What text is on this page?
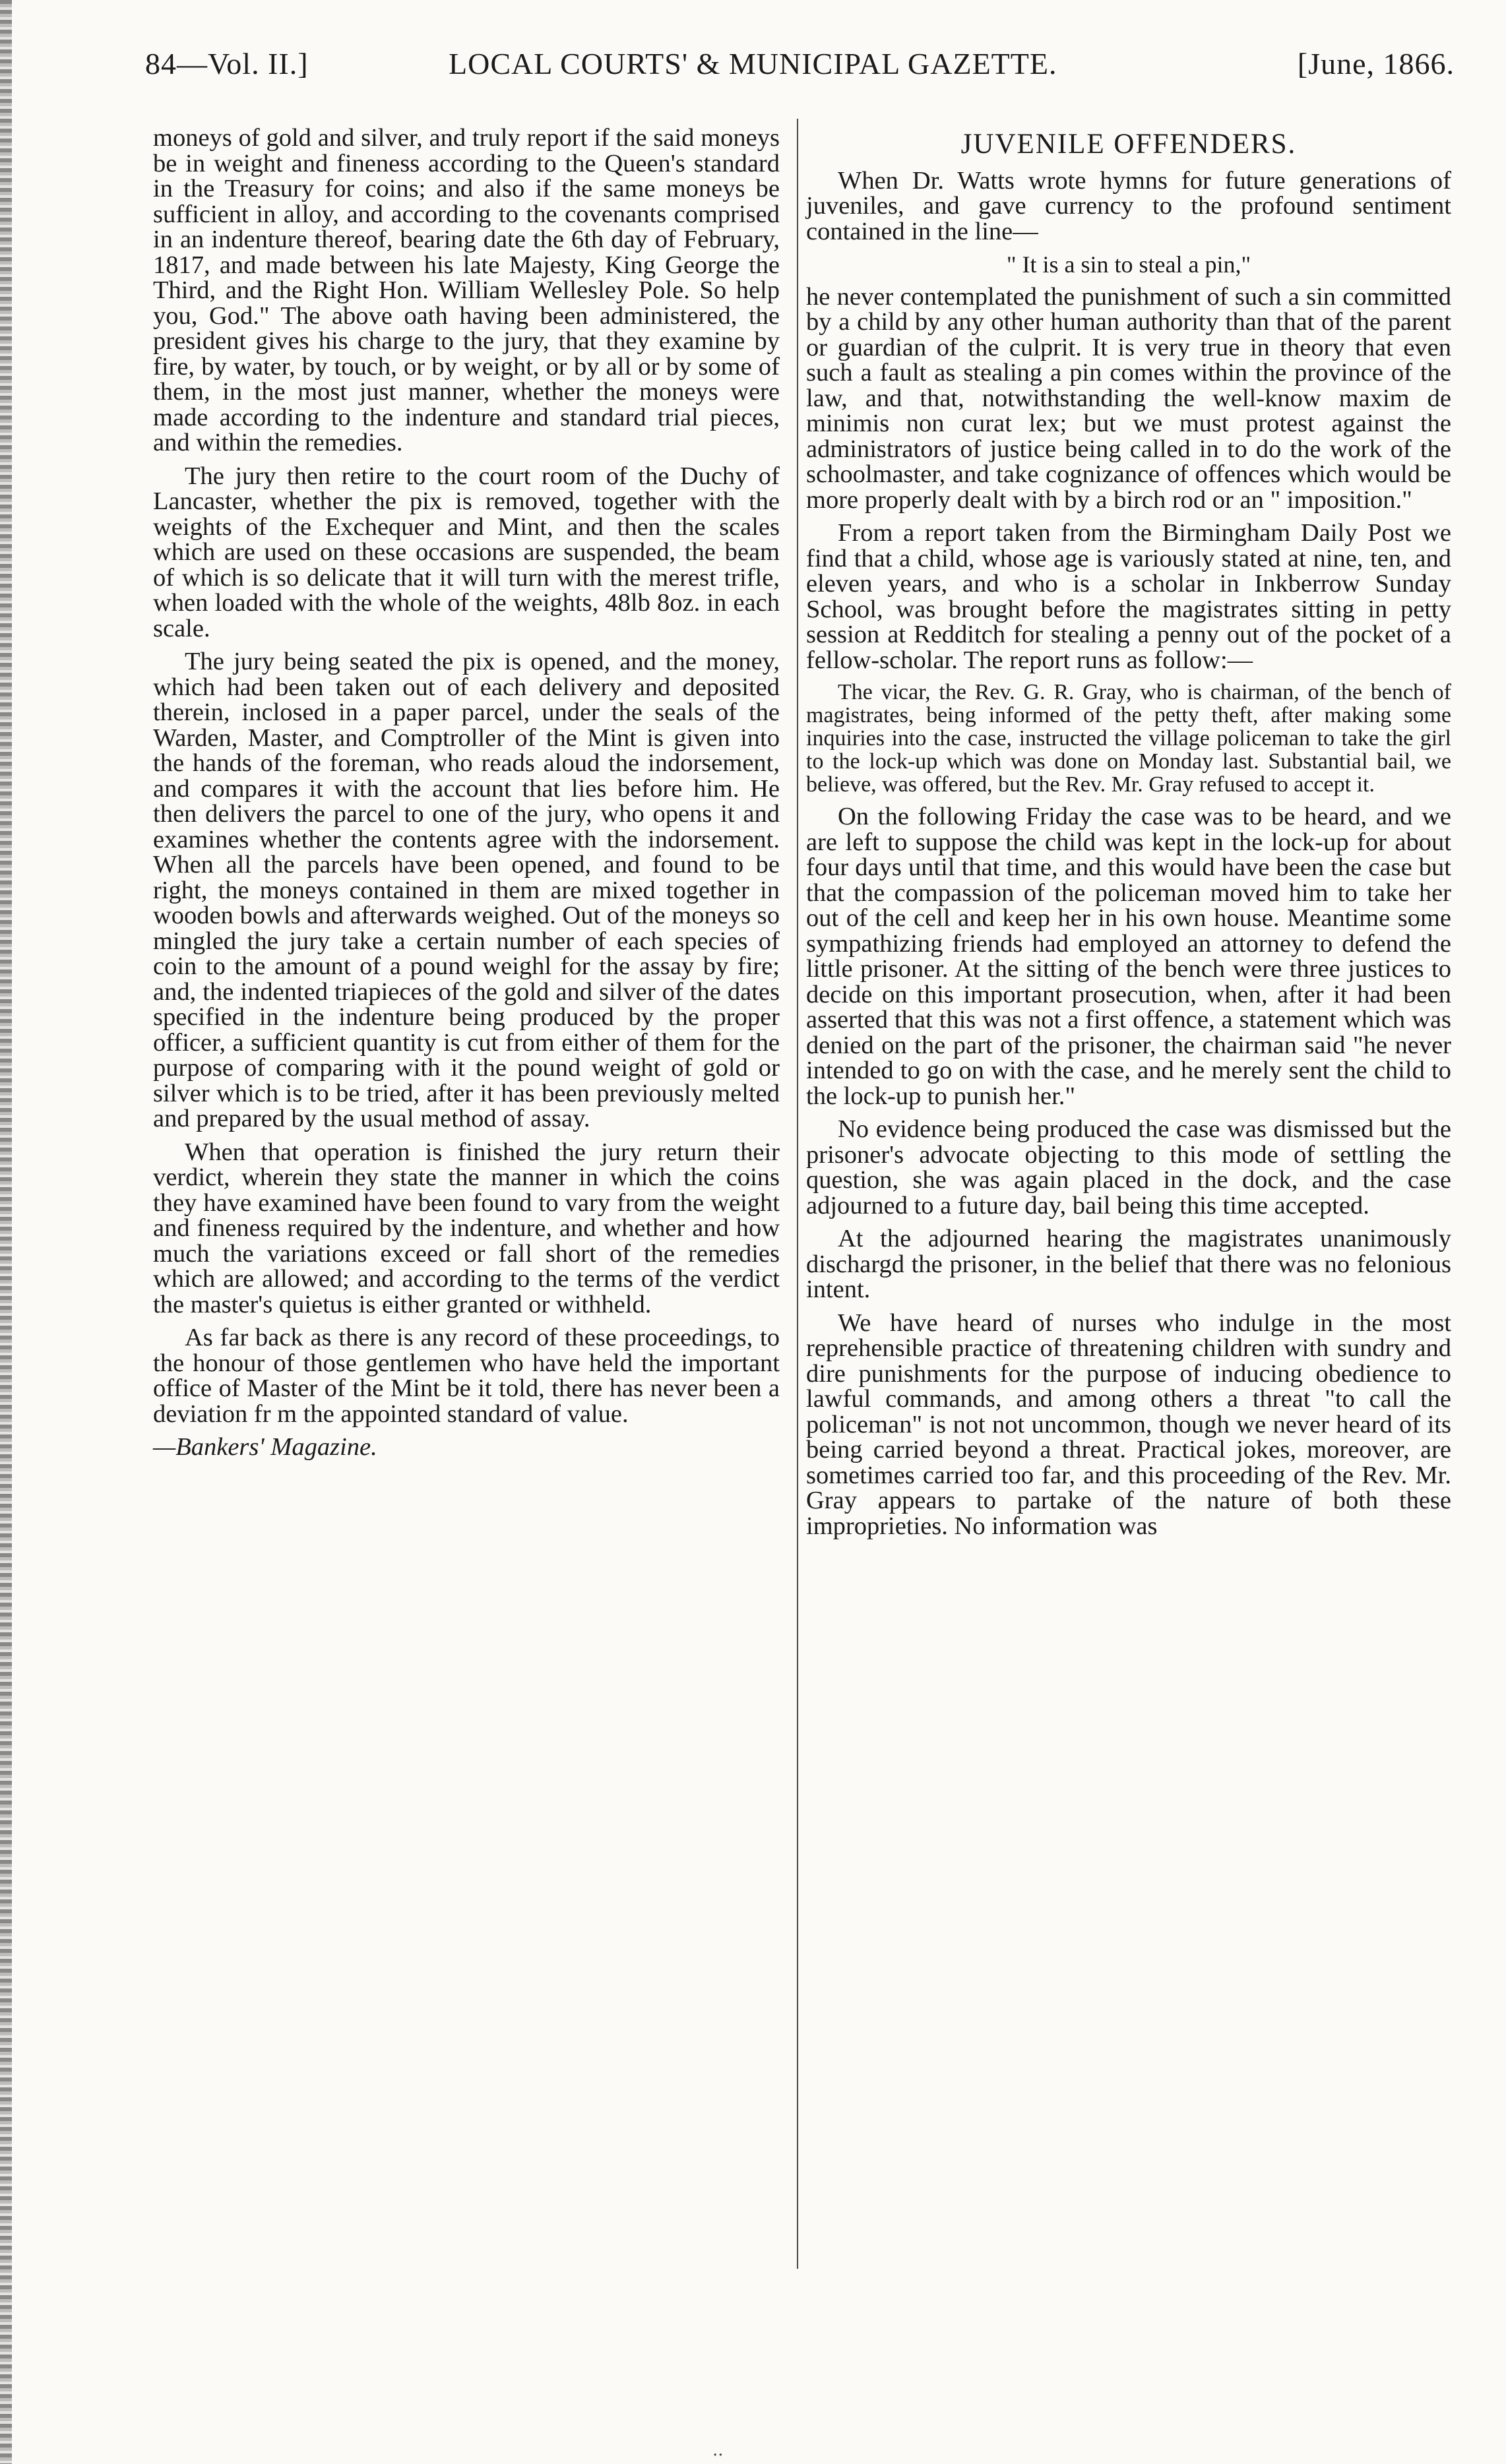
84—Vol. II.]	LOCAL COURTS' & MUNICIPAL GAZETTE.	[June, 1866.

moneys of gold and silver, and truly report if the said moneys be in weight and fineness according to the Queen's standard in the Treasury for coins; and also if the same moneys be sufficient in alloy, and according to the covenants comprised in an indenture thereof, bearing date the 6th day of February, 1817, and made between his late Majesty, King George the Third, and the Right Hon. William Wellesley Pole. So help you, God." The above oath having been administered, the president gives his charge to the jury, that they examine by fire, by water, by touch, or by weight, or by all or by some of them, in the most just manner, whether the moneys were made according to the indenture and standard trial pieces, and within the remedies.

The jury then retire to the court room of the Duchy of Lancaster, whether the pix is removed, together with the weights of the Exchequer and Mint, and then the scales which are used on these occasions are suspended, the beam of which is so delicate that it will turn with the merest trifle, when loaded with the whole of the weights, 48lb 8oz. in each scale.

The jury being seated the pix is opened, and the money, which had been taken out of each delivery and deposited therein, inclosed in a paper parcel, under the seals of the Warden, Master, and Comptroller of the Mint is given into the hands of the foreman, who reads aloud the indorsement, and compares it with the account that lies before him. He then delivers the parcel to one of the jury, who opens it and examines whether the contents agree with the indorsement. When all the parcels have been opened, and found to be right, the moneys contained in them are mixed together in wooden bowls and afterwards weighed. Out of the moneys so mingled the jury take a certain number of each species of coin to the amount of a pound weighl for the assay by fire; and, the indented triapieces of the gold and silver of the dates specified in the indenture being produced by the proper officer, a sufficient quantity is cut from either of them for the purpose of comparing with it the pound weight of gold or silver which is to be tried, after it has been previously melted and prepared by the usual method of assay.

When that operation is finished the jury return their verdict, wherein they state the manner in which the coins they have examined have been found to vary from the weight and fineness required by the indenture, and whether and how much the variations exceed or fall short of the remedies which are allowed; and according to the terms of the verdict the master's quietus is either granted or withheld.

As far back as there is any record of these proceedings, to the honour of those gentlemen who have held the important office of Master of the Mint be it told, there has never been a deviation fr m the appointed standard of value.

—Bankers' Magazine.

JUVENILE OFFENDERS.

When Dr. Watts wrote hymns for future generations of juveniles, and gave currency to the profound sentiment contained in the line—

" It is a sin to steal a pin,"

he never contemplated the punishment of such a sin committed by a child by any other human authority than that of the parent or guardian of the culprit. It is very true in theory that even such a fault as stealing a pin comes within the province of the law, and that, notwithstanding the well-know maxim de minimis non curat lex; but we must protest against the administrators of justice being called in to do the work of the schoolmaster, and take cognizance of offences which would be more properly dealt with by a birch rod or an " imposition."

From a report taken from the Birmingham Daily Post we find that a child, whose age is variously stated at nine, ten, and eleven years, and who is a scholar in Inkberrow Sunday School, was brought before the magistrates sitting in petty session at Redditch for stealing a penny out of the pocket of a fellow-scholar. The report runs as follow:—

The vicar, the Rev. G. R. Gray, who is chairman, of the bench of magistrates, being informed of the petty theft, after making some inquiries into the case, instructed the village policeman to take the girl to the lock-up which was done on Monday last. Substantial bail, we believe, was offered, but the Rev. Mr. Gray refused to accept it.

On the following Friday the case was to be heard, and we are left to suppose the child was kept in the lock-up for about four days until that time, and this would have been the case but that the compassion of the policeman moved him to take her out of the cell and keep her in his own house. Meantime some sympathizing friends had employed an attorney to defend the little prisoner. At the sitting of the bench were three justices to decide on this important prosecution, when, after it had been asserted that this was not a first offence, a statement which was denied on the part of the prisoner, the chairman said "he never intended to go on with the case, and he merely sent the child to the lock-up to punish her."

No evidence being produced the case was dismissed but the prisoner's advocate objecting to this mode of settling the question, she was again placed in the dock, and the case adjourned to a future day, bail being this time accepted.

At the adjourned hearing the magistrates unanimously dischargd the prisoner, in the belief that there was no felonious intent.

We have heard of nurses who indulge in the most reprehensible practice of threatening children with sundry and dire punishments for the purpose of inducing obedience to lawful commands, and among others a threat "to call the policeman" is not not uncommon, though we never heard of its being carried beyond a threat. Practical jokes, moreover, are sometimes carried too far, and this proceeding of the Rev. Mr. Gray appears to partake of the nature of both these improprieties. No information was

..
